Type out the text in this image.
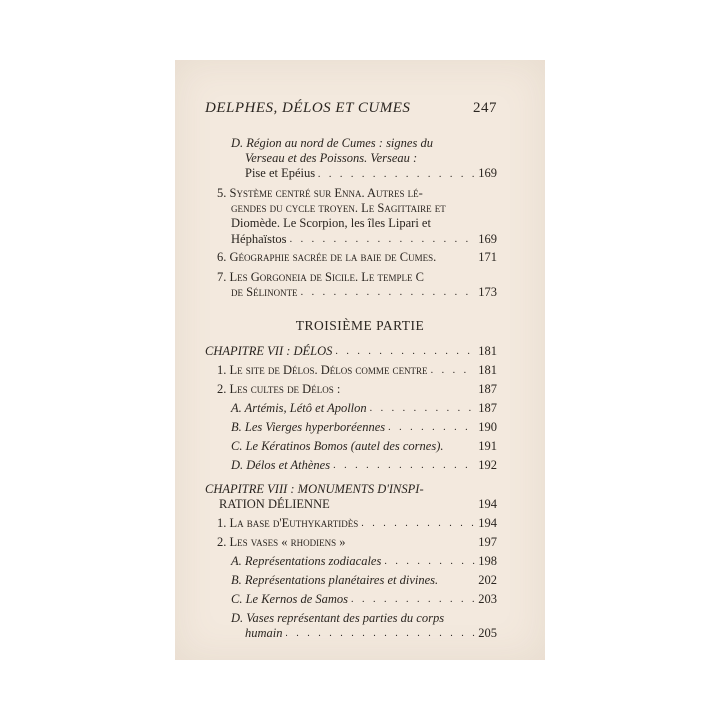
DELPHES, DÉLOS ET CUMES	247
D. Région au nord de Cumes : signes du
Verseau et des Poissons. Verseau :
Pise et Epéius . . .	169
5. Système centré sur Enna. Autres lé-
gendes du cycle troyen. Le Sagittaire et
Diomède. Le Scorpion, les îles Lipari et
Héphaïstos . . .	169
6. Géographie sacrée de la baie de Cumes.	171
7. Les Gorgoneia de Sicile. Le temple C
de Sélinonte . . .	173
TROISIÈME PARTIE
CHAPITRE VII : DÉLOS . . .	181
1. Le site de Délos. Délos comme centre . . .	181
2. Les cultes de Délos :	187
A. Artémis, Létô et Apollon . . .	187
B. Les Vierges hyperboréennes . . .	190
C. Le Kératinos Bomos (autel des cornes).	191
D. Délos et Athènes . . .	192
CHAPITRE VIII : MONUMENTS D'INSPI-
RATION DÉLIENNE	194
1. La base d'Euthykartidès . . .	194
2. Les vases « rhodiens »	197
A. Représentations zodiacales . . .	198
B. Représentations planétaires et divines.	202
C. Le Kernos de Samos . . .	203
D. Vases représentant des parties du corps
humain . . .	205
